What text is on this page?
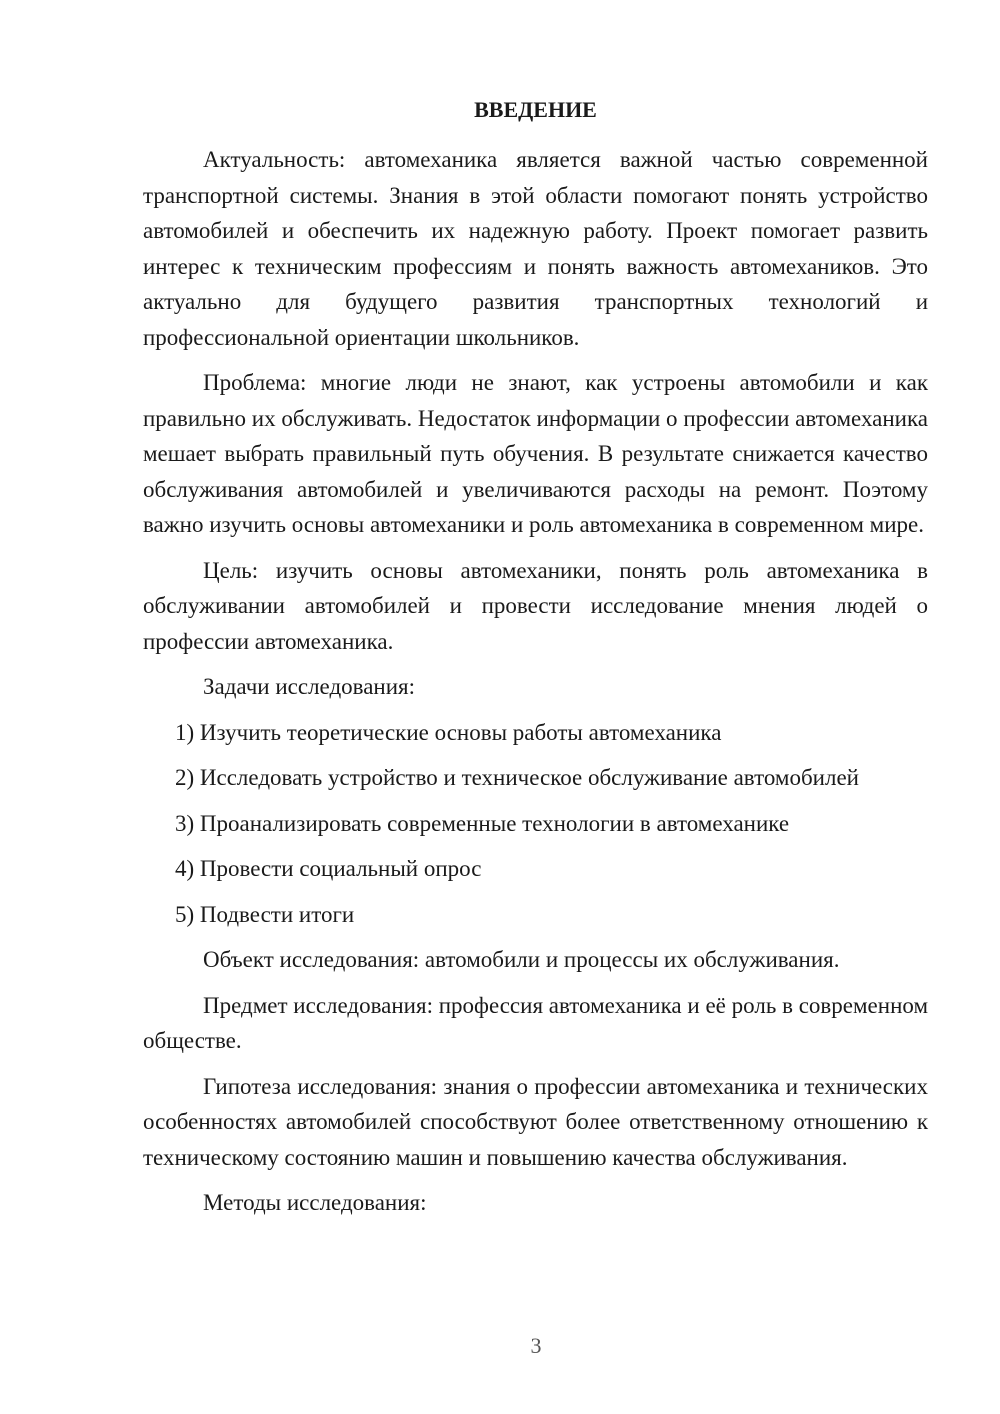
ВВЕДЕНИЕ

Актуальность: автомеханика является важной частью современной транспортной системы. Знания в этой области помогают понять устройство автомобилей и обеспечить их надежную работу. Проект помогает развить интерес к техническим профессиям и понять важность автомехаников. Это актуально для будущего развития транспортных технологий и профессиональной ориентации школьников.

Проблема: многие люди не знают, как устроены автомобили и как правильно их обслуживать. Недостаток информации о профессии автомеханика мешает выбрать правильный путь обучения. В результате снижается качество обслуживания автомобилей и увеличиваются расходы на ремонт. Поэтому важно изучить основы автомеханики и роль автомеханика в современном мире.

Цель: изучить основы автомеханики, понять роль автомеханика в обслуживании автомобилей и провести исследование мнения людей о профессии автомеханика.

Задачи исследования:

1) Изучить теоретические основы работы автомеханика
2) Исследовать устройство и техническое обслуживание автомобилей
3) Проанализировать современные технологии в автомеханике
4) Провести социальный опрос
5) Подвести итоги

Объект исследования: автомобили и процессы их обслуживания.

Предмет исследования: профессия автомеханика и её роль в современном обществе.

Гипотеза исследования: знания о профессии автомеханика и технических особенностях автомобилей способствуют более ответственному отношению к техническому состоянию машин и повышению качества обслуживания.

Методы исследования:

3
